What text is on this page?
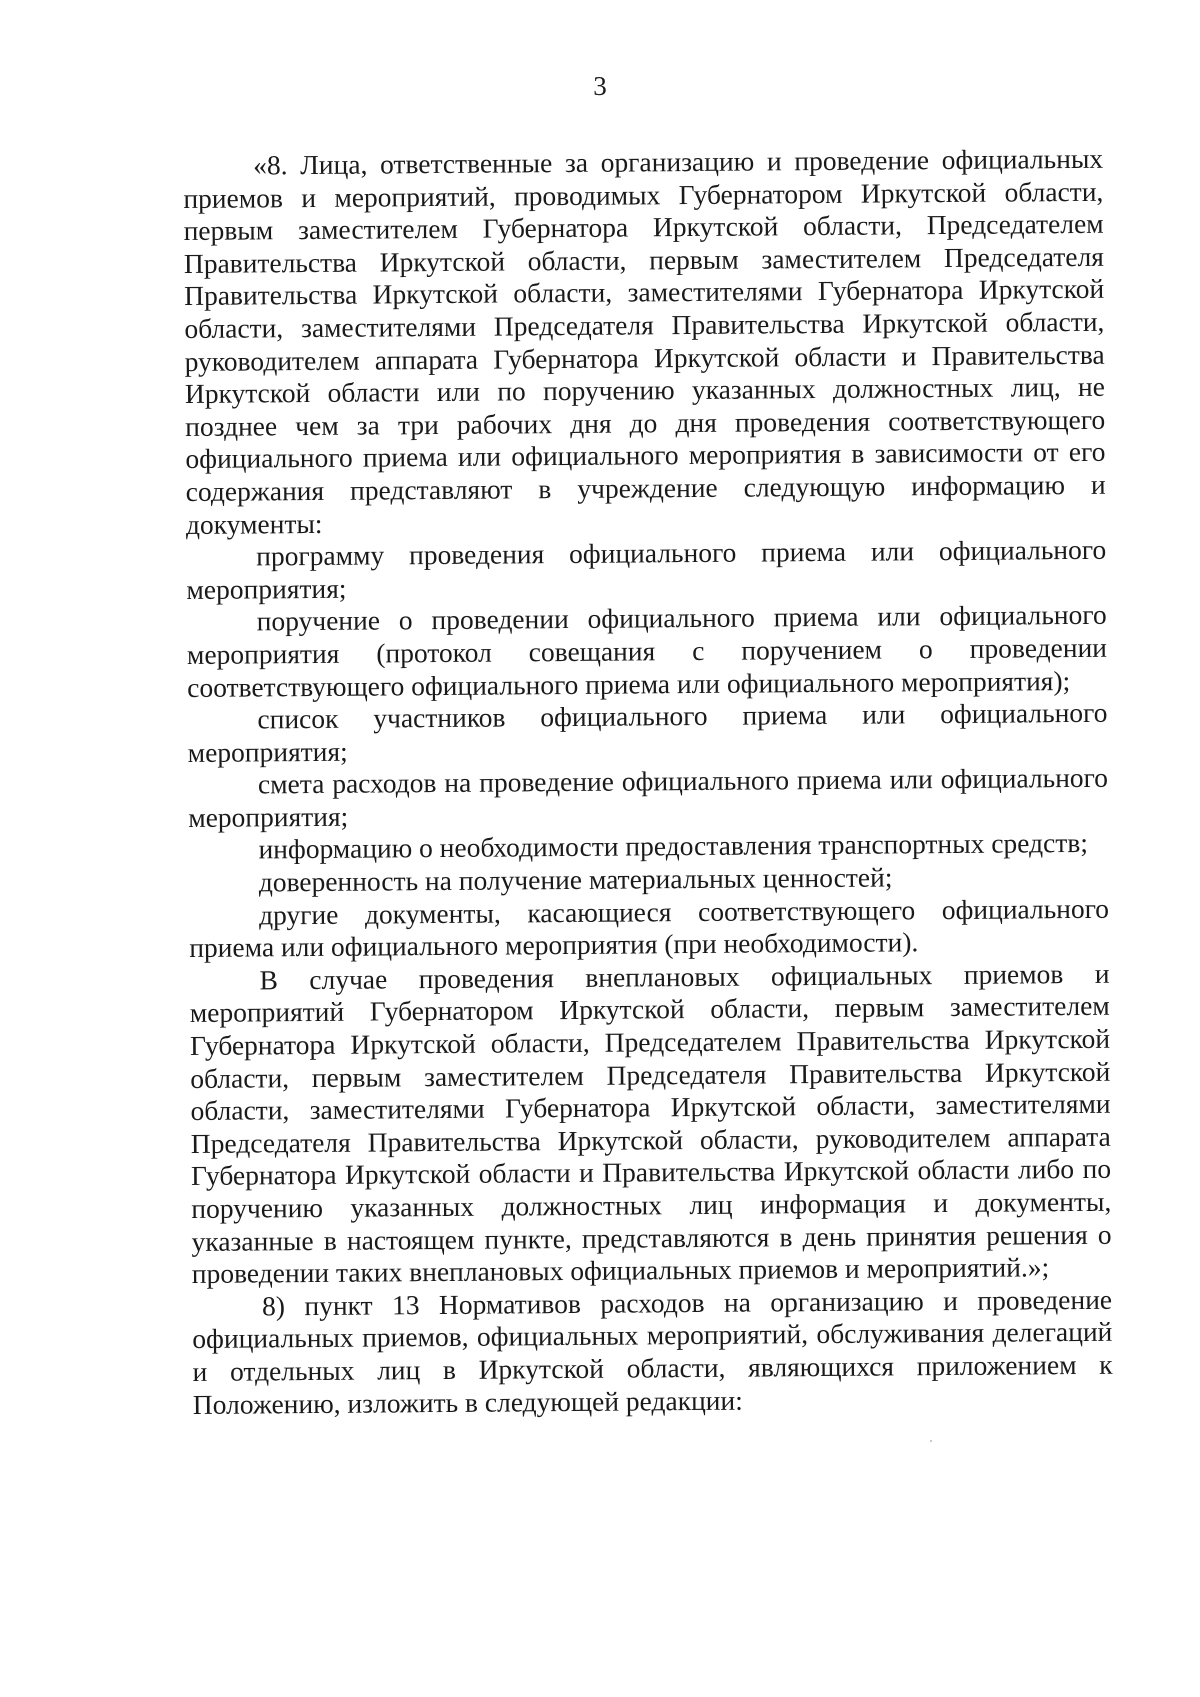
3

«8. Лица, ответственные за организацию и проведение официальных приемов и мероприятий, проводимых Губернатором Иркутской области, первым заместителем Губернатора Иркутской области, Председателем Правительства Иркутской области, первым заместителем Председателя Правительства Иркутской области, заместителями Губернатора Иркутской области, заместителями Председателя Правительства Иркутской области, руководителем аппарата Губернатора Иркутской области и Правительства Иркутской области или по поручению указанных должностных лиц, не позднее чем за три рабочих дня до дня проведения соответствующего официального приема или официального мероприятия в зависимости от его содержания представляют в учреждение следующую информацию и документы:

программу проведения официального приема или официального мероприятия;

поручение о проведении официального приема или официального мероприятия (протокол совещания с поручением о проведении соответствующего официального приема или официального мероприятия);

список участников официального приема или официального мероприятия;

смета расходов на проведение официального приема или официального мероприятия;

информацию о необходимости предоставления транспортных средств;

доверенность на получение материальных ценностей;

другие документы, касающиеся соответствующего официального приема или официального мероприятия (при необходимости).

В случае проведения внеплановых официальных приемов и мероприятий Губернатором Иркутской области, первым заместителем Губернатора Иркутской области, Председателем Правительства Иркутской области, первым заместителем Председателя Правительства Иркутской области, заместителями Губернатора Иркутской области, заместителями Председателя Правительства Иркутской области, руководителем аппарата Губернатора Иркутской области и Правительства Иркутской области либо по поручению указанных должностных лиц информация и документы, указанные в настоящем пункте, представляются в день принятия решения о проведении таких внеплановых официальных приемов и мероприятий.»;

8) пункт 13 Нормативов расходов на организацию и проведение официальных приемов, официальных мероприятий, обслуживания делегаций и отдельных лиц в Иркутской области, являющихся приложением к Положению, изложить в следующей редакции:
